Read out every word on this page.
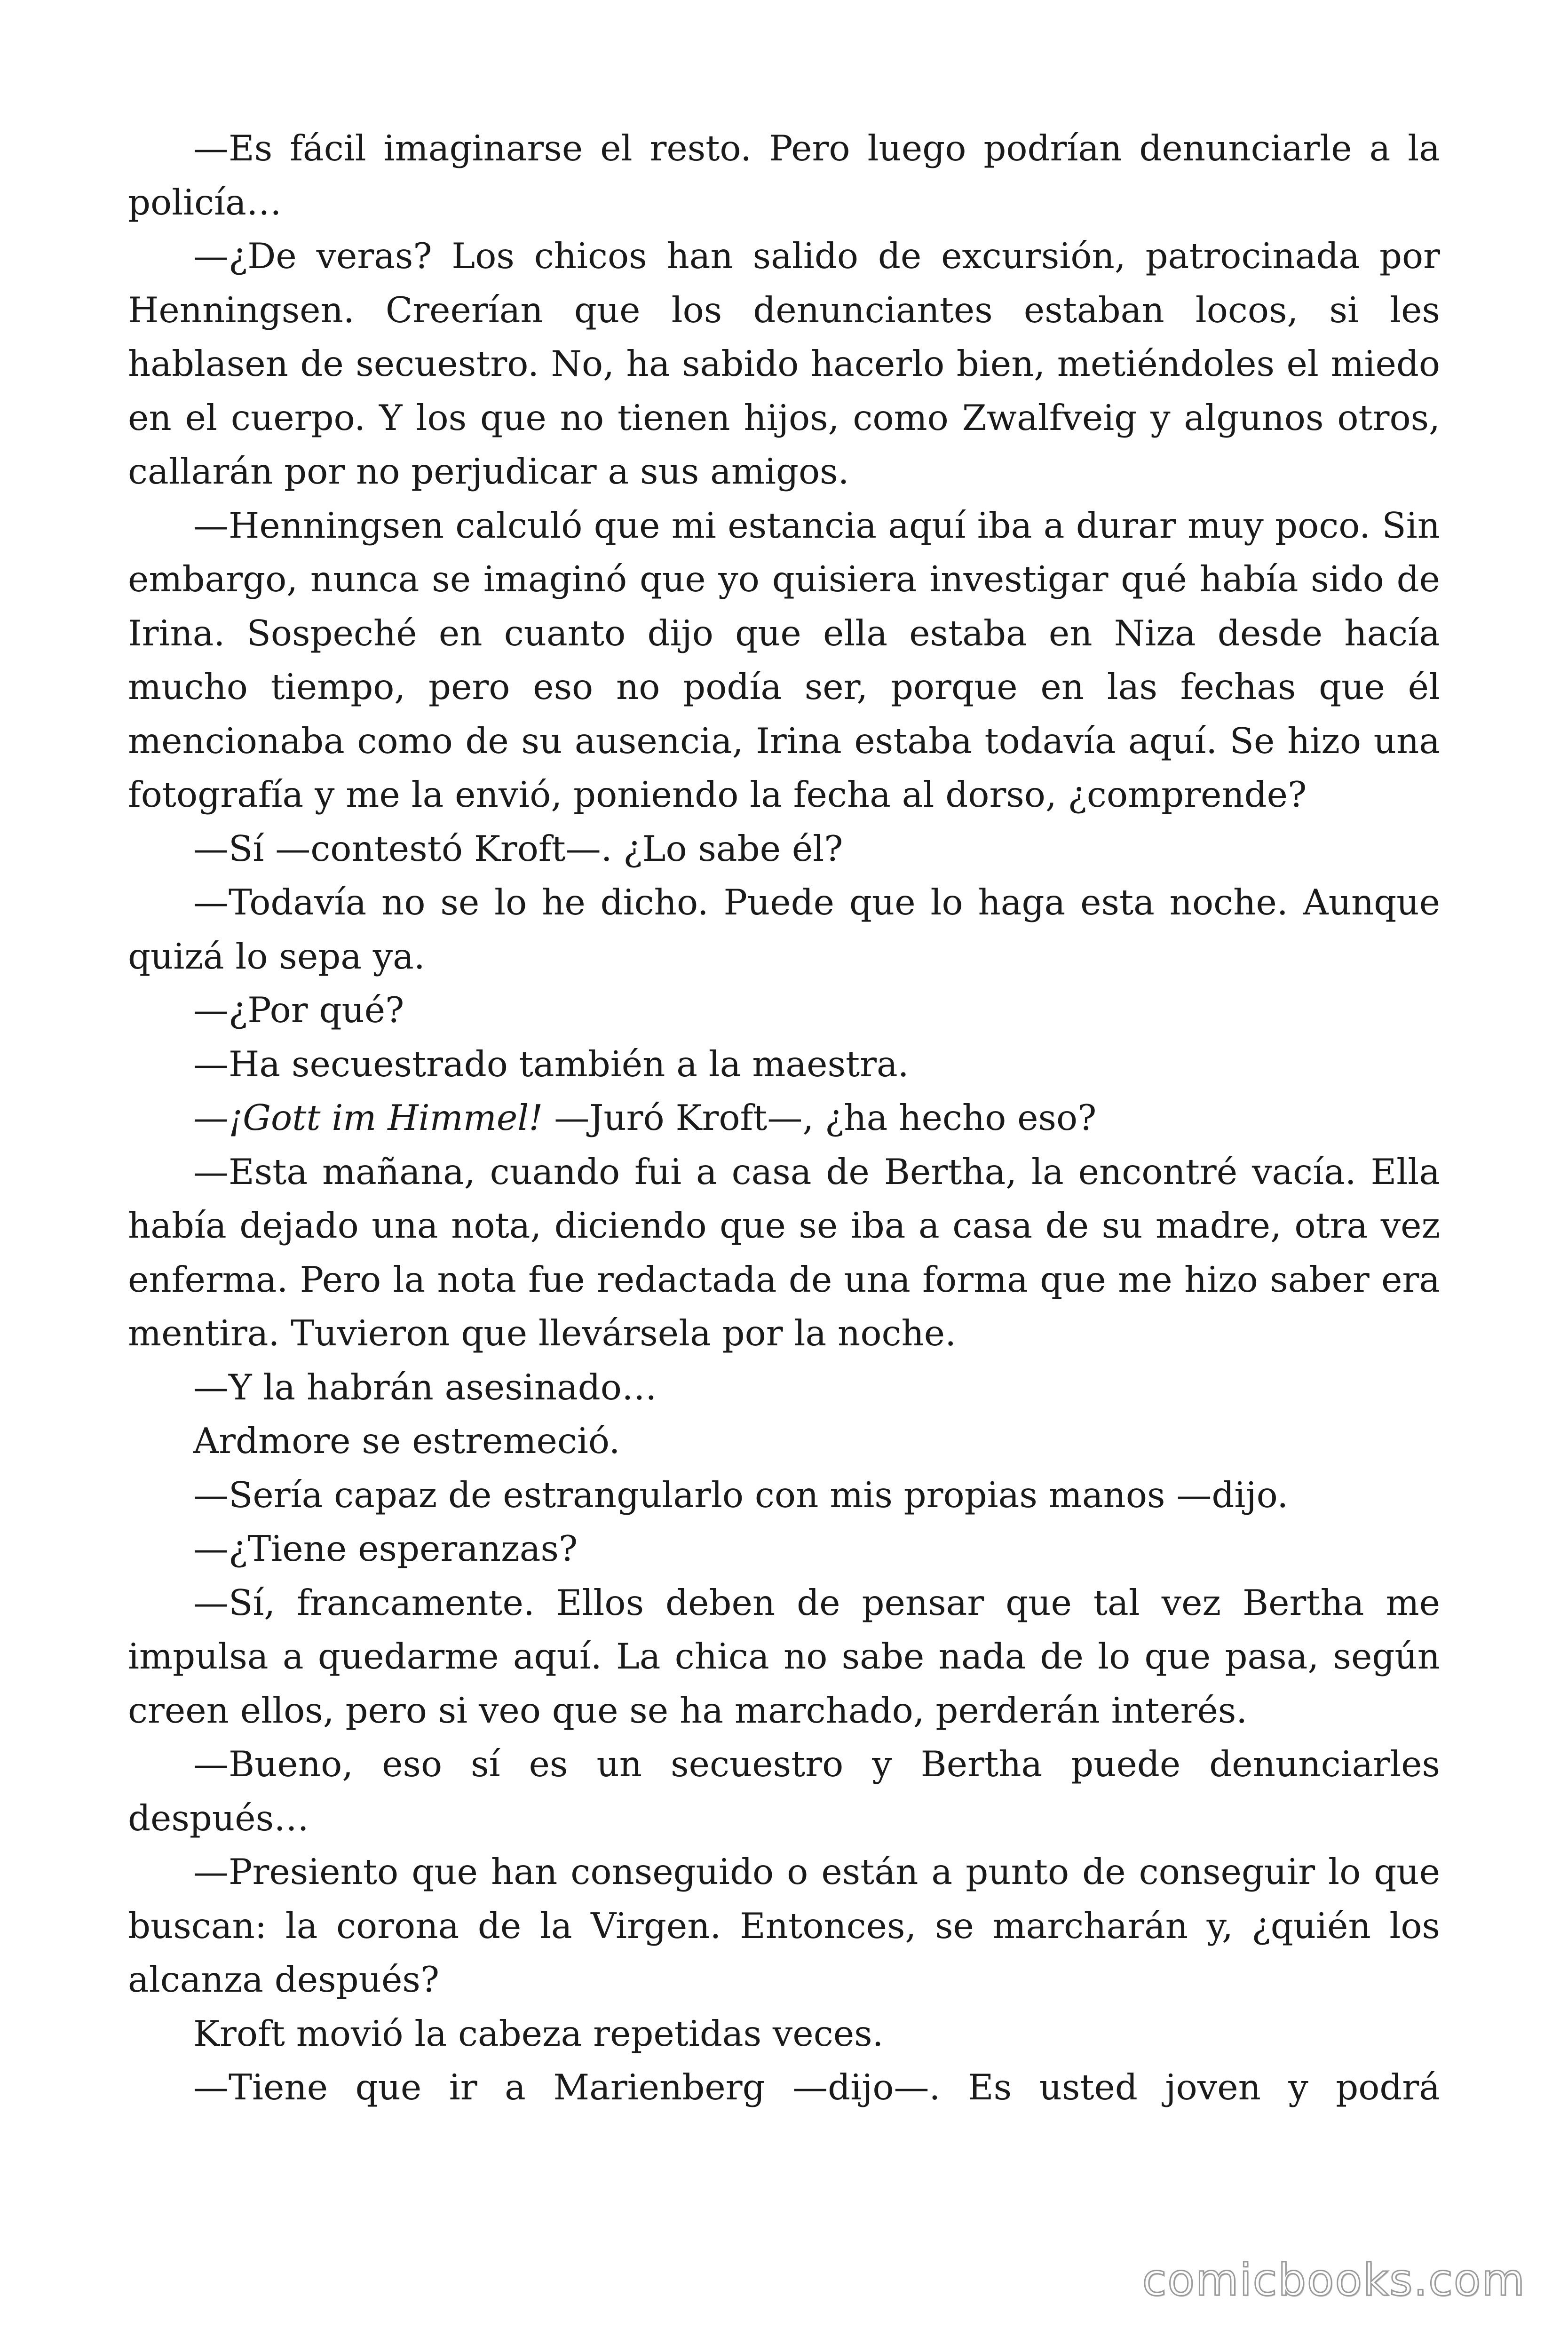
—Es fácil imaginarse el resto. Pero luego podrían denunciarle a la policía…

—¿De veras? Los chicos han salido de excursión, patrocinada por Henningsen. Creerían que los denunciantes estaban locos, si les hablasen de secuestro. No, ha sabido hacerlo bien, metiéndoles el miedo en el cuerpo. Y los que no tienen hijos, como Zwalfveig y algunos otros, callarán por no perjudicar a sus amigos.

—Henningsen calculó que mi estancia aquí iba a durar muy poco. Sin embargo, nunca se imaginó que yo quisiera investigar qué había sido de Irina. Sospeché en cuanto dijo que ella estaba en Niza desde hacía mucho tiempo, pero eso no podía ser, porque en las fechas que él mencionaba como de su ausencia, Irina estaba todavía aquí. Se hizo una fotografía y me la envió, poniendo la fecha al dorso, ¿comprende?

—Sí —contestó Kroft—. ¿Lo sabe él?

—Todavía no se lo he dicho. Puede que lo haga esta noche. Aunque quizá lo sepa ya.

—¿Por qué?

—Ha secuestrado también a la maestra.

—¡Gott im Himmel! —Juró Kroft—, ¿ha hecho eso?

—Esta mañana, cuando fui a casa de Bertha, la encontré vacía. Ella había dejado una nota, diciendo que se iba a casa de su madre, otra vez enferma. Pero la nota fue redactada de una forma que me hizo saber era mentira. Tuvieron que llevársela por la noche.

—Y la habrán asesinado…

Ardmore se estremeció.

—Sería capaz de estrangularlo con mis propias manos —dijo.

—¿Tiene esperanzas?

—Sí, francamente. Ellos deben de pensar que tal vez Bertha me impulsa a quedarme aquí. La chica no sabe nada de lo que pasa, según creen ellos, pero si veo que se ha marchado, perderán interés.

—Bueno, eso sí es un secuestro y Bertha puede denunciarles después…

—Presiento que han conseguido o están a punto de conseguir lo que buscan: la corona de la Virgen. Entonces, se marcharán y, ¿quién los alcanza después?

Kroft movió la cabeza repetidas veces.

—Tiene que ir a Marienberg —dijo—. Es usted joven y podrá

comicbooks.com
